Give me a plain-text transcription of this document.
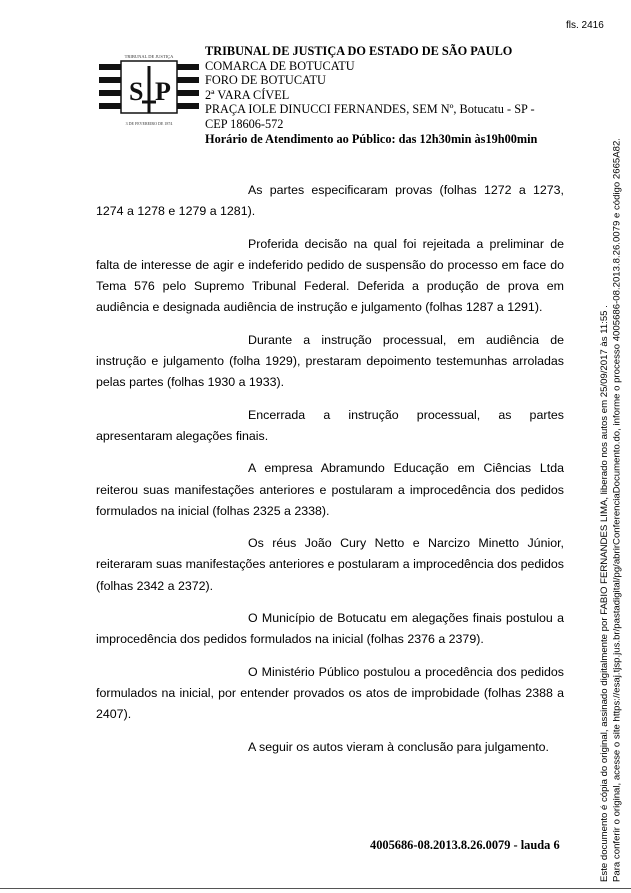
fls. 2416
S P
TRIBUNAL DE JUSTIÇA
3 DE FEVEREIRO DE 1874
TRIBUNAL DE JUSTIÇA DO ESTADO DE SÃO PAULO
COMARCA DE BOTUCATU
FORO DE BOTUCATU
2ª VARA CÍVEL
PRAÇA IOLE DINUCCI FERNANDES, SEM Nº, Botucatu - SP - CEP 18606-572
Horário de Atendimento ao Público: das 12h30min às19h00min

As partes especificaram provas (folhas 1272 a 1273, 1274 a 1278 e 1279 a 1281).

Proferida decisão na qual foi rejeitada a preliminar de falta de interesse de agir e indeferido pedido de suspensão do processo em face do Tema 576 pelo Supremo Tribunal Federal. Deferida a produção de prova em audiência e designada audiência de instrução e julgamento (folhas 1287 a 1291).

Durante a instrução processual, em audiência de instrução e julgamento (folha 1929), prestaram depoimento testemunhas arroladas pelas partes (folhas 1930 a 1933).

Encerrada a instrução processual, as partes apresentaram alegações finais.

A empresa Abramundo Educação em Ciências Ltda reiterou suas manifestações anteriores e postularam a improcedência dos pedidos formulados na inicial (folhas 2325 a 2338).

Os réus João Cury Netto e Narcizo Minetto Júnior, reiteraram suas manifestações anteriores e postularam a improcedência dos pedidos (folhas 2342 a 2372).

O Município de Botucatu em alegações finais postulou a improcedência dos pedidos formulados na inicial (folhas 2376 a 2379).

O Ministério Público postulou a procedência dos pedidos formulados na inicial, por entender provados os atos de improbidade (folhas 2388 a 2407).

A seguir os autos vieram à conclusão para julgamento.

4005686-08.2013.8.26.0079 - lauda 6	Este documento é cópia do original, assinado digitalmente por FABIO FERNANDES LIMA, liberado nos autos em 25/09/2017 às 11:55 . Para conferir o original, acesse o site https://esaj.tjsp.jus.br/pastadigital/pg/abrirConferenciaDocumento.do, informe o processo 4005686-08.2013.8.26.0079 e código 2665A82.
